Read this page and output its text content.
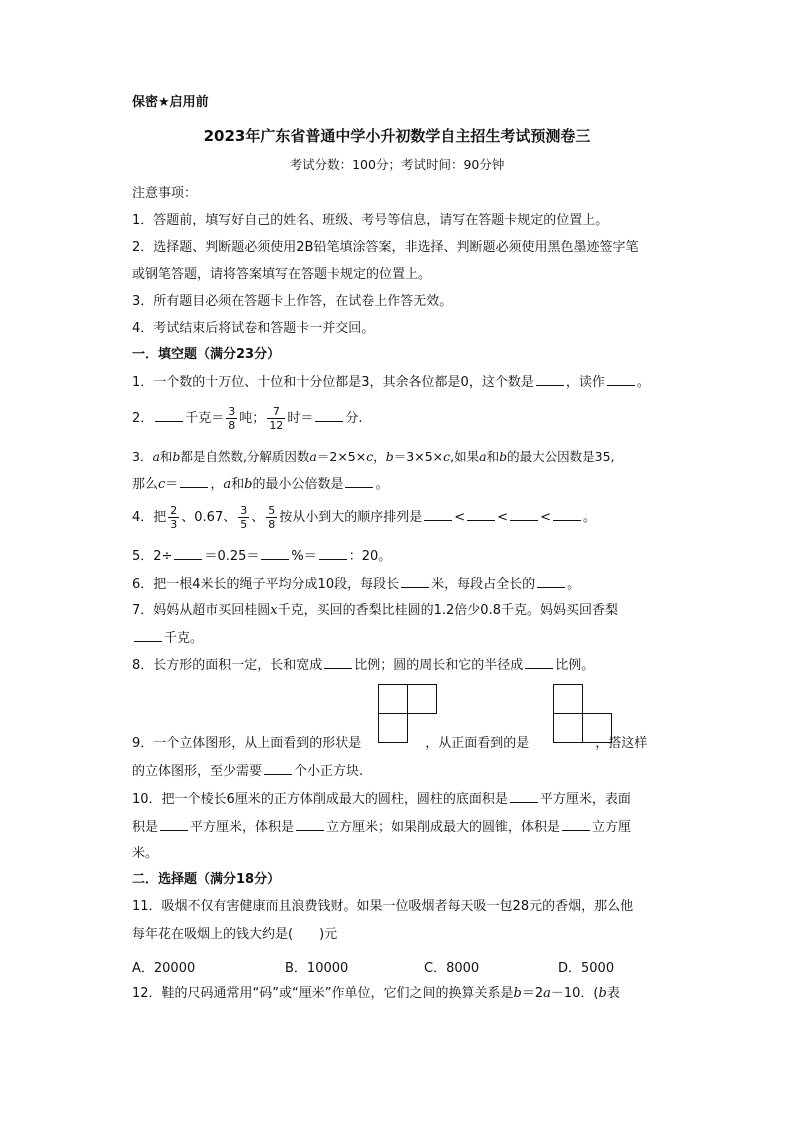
保密★启用前
2023年广东省普通中学小升初数学自主招生考试预测卷三
考试分数：100分；考试时间：90分钟
注意事项：
1．答题前，填写好自己的姓名、班级、考号等信息，请写在答题卡规定的位置上。
2．选择题、判断题必须使用2B铅笔填涂答案，非选择、判断题必须使用黑色墨迹签字笔
或钢笔答题，请将答案填写在答题卡规定的位置上。
3．所有题目必须在答题卡上作答，在试卷上作答无效。
4．考试结束后将试卷和答题卡一并交回。
一．填空题（满分23分）
1．一个数的十万位、十位和十分位都是3，其余各位都是0，这个数是 ，读作 。
2． 千克＝ $\frac{3}{8}$ 吨； $\frac{7}{12}$ 时＝ 分.
3．a和b都是自然数,分解质因数a＝2×5×c，b＝3×5×c,如果a和b的最大公因数是35,
那么c＝ ，a和b的最小公倍数是 。
4．把 $\frac{2}{3}$ 、0.67、 $\frac{3}{5}$ 、 $\frac{5}{8}$ 按从小到大的顺序排列是 < < < 。
5．2÷ ＝0.25＝ %＝ ：20。
6．把一根4米长的绳子平均分成10段，每段长 米，每段占全长的 。
7．妈妈从超市买回桂圆x千克，买回的香梨比桂圆的1.2倍少0.8千克。妈妈买回香梨
千克。
8．长方形的面积一定，长和宽成 比例；圆的周长和它的半径成 比例。
9．一个立体图形，从上面看到的形状是	，从正面看到的是	，搭这样
的立体图形，至少需要 个小正方块.
10．把一个棱长6厘米的正方体削成最大的圆柱，圆柱的底面积是 平方厘米，表面
积是 平方厘米，体积是 立方厘米；如果削成最大的圆锥，体积是 立方厘
米。
二．选择题（满分18分）
11．吸烟不仅有害健康而且浪费钱财。如果一位吸烟者每天吸一包28元的香烟，那么他
每年花在吸烟上的钱大约是(　　)元
A．20000	B．10000	C．8000	D．5000
12．鞋的尺码通常用“码”或“厘米”作单位，它们之间的换算关系是b＝2a－10．(b表
